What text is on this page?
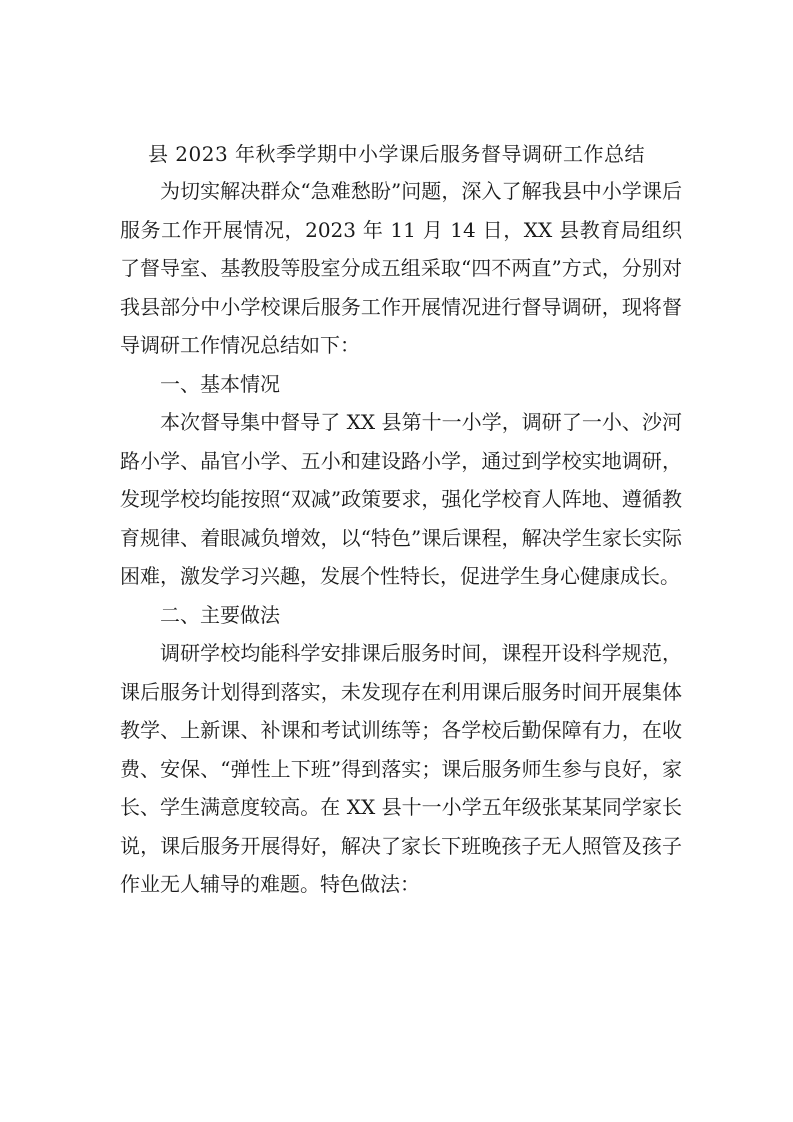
县 2023 年秋季学期中小学课后服务督导调研工作总结

为切实解决群众“急难愁盼”问题，深入了解我县中小学课后服务工作开展情况，2023 年 11 月 14 日，XX 县教育局组织了督导室、基教股等股室分成五组采取“四不两直”方式，分别对我县部分中小学校课后服务工作开展情况进行督导调研，现将督导调研工作情况总结如下：

一、基本情况

本次督导集中督导了 XX 县第十一小学，调研了一小、沙河路小学、晶官小学、五小和建设路小学，通过到学校实地调研，发现学校均能按照“双减”政策要求，强化学校育人阵地、遵循教育规律、着眼减负增效，以“特色”课后课程，解决学生家长实际困难，激发学习兴趣，发展个性特长，促进学生身心健康成长。

二、主要做法

调研学校均能科学安排课后服务时间，课程开设科学规范，课后服务计划得到落实，未发现存在利用课后服务时间开展集体教学、上新课、补课和考试训练等；各学校后勤保障有力，在收费、安保、“弹性上下班”得到落实；课后服务师生参与良好，家长、学生满意度较高。在 XX 县十一小学五年级张某某同学家长说，课后服务开展得好，解决了家长下班晚孩子无人照管及孩子作业无人辅导的难题。特色做法：
